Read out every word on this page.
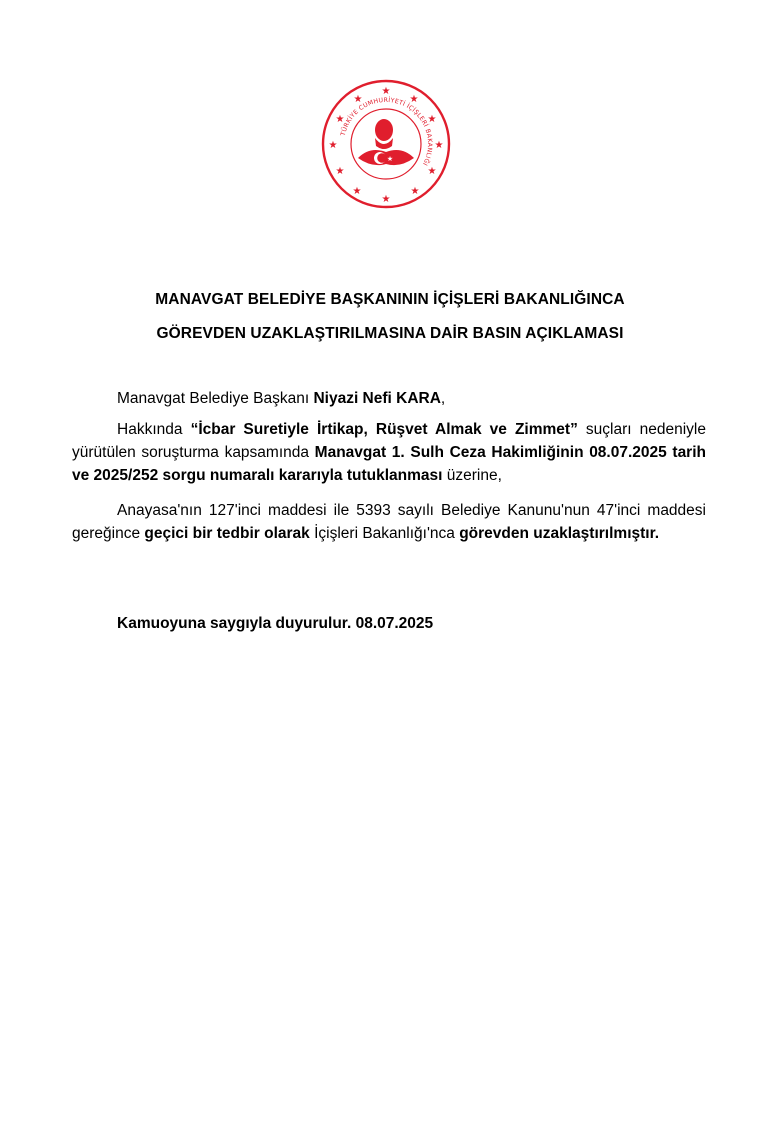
★
★
★
★
★
★
★
★
★
★
★
★
TÜRKİYE CUMHURİYETİ İÇİŞLERİ BAKANLIĞI
★
MANAVGAT BELEDİYE BAŞKANININ İÇİŞLERİ BAKANLIĞINCA
GÖREVDEN UZAKLAŞTIRILMASINA DAİR BASIN AÇIKLAMASI
Manavgat Belediye Başkanı Niyazi Nefi KARA,
Hakkında “İcbar Suretiyle İrtikap, Rüşvet Almak ve Zimmet” suçları nedeniyle yürütülen soruşturma kapsamında Manavgat 1. Sulh Ceza Hakimliğinin 08.07.2025 tarih ve 2025/252 sorgu numaralı kararıyla tutuklanması üzerine,
Anayasa'nın 127'inci maddesi ile 5393 sayılı Belediye Kanunu'nun 47'inci maddesi gereğince geçici bir tedbir olarak İçişleri Bakanlığı'nca görevden uzaklaştırılmıştır.
Kamuoyuna saygıyla duyurulur. 08.07.2025
